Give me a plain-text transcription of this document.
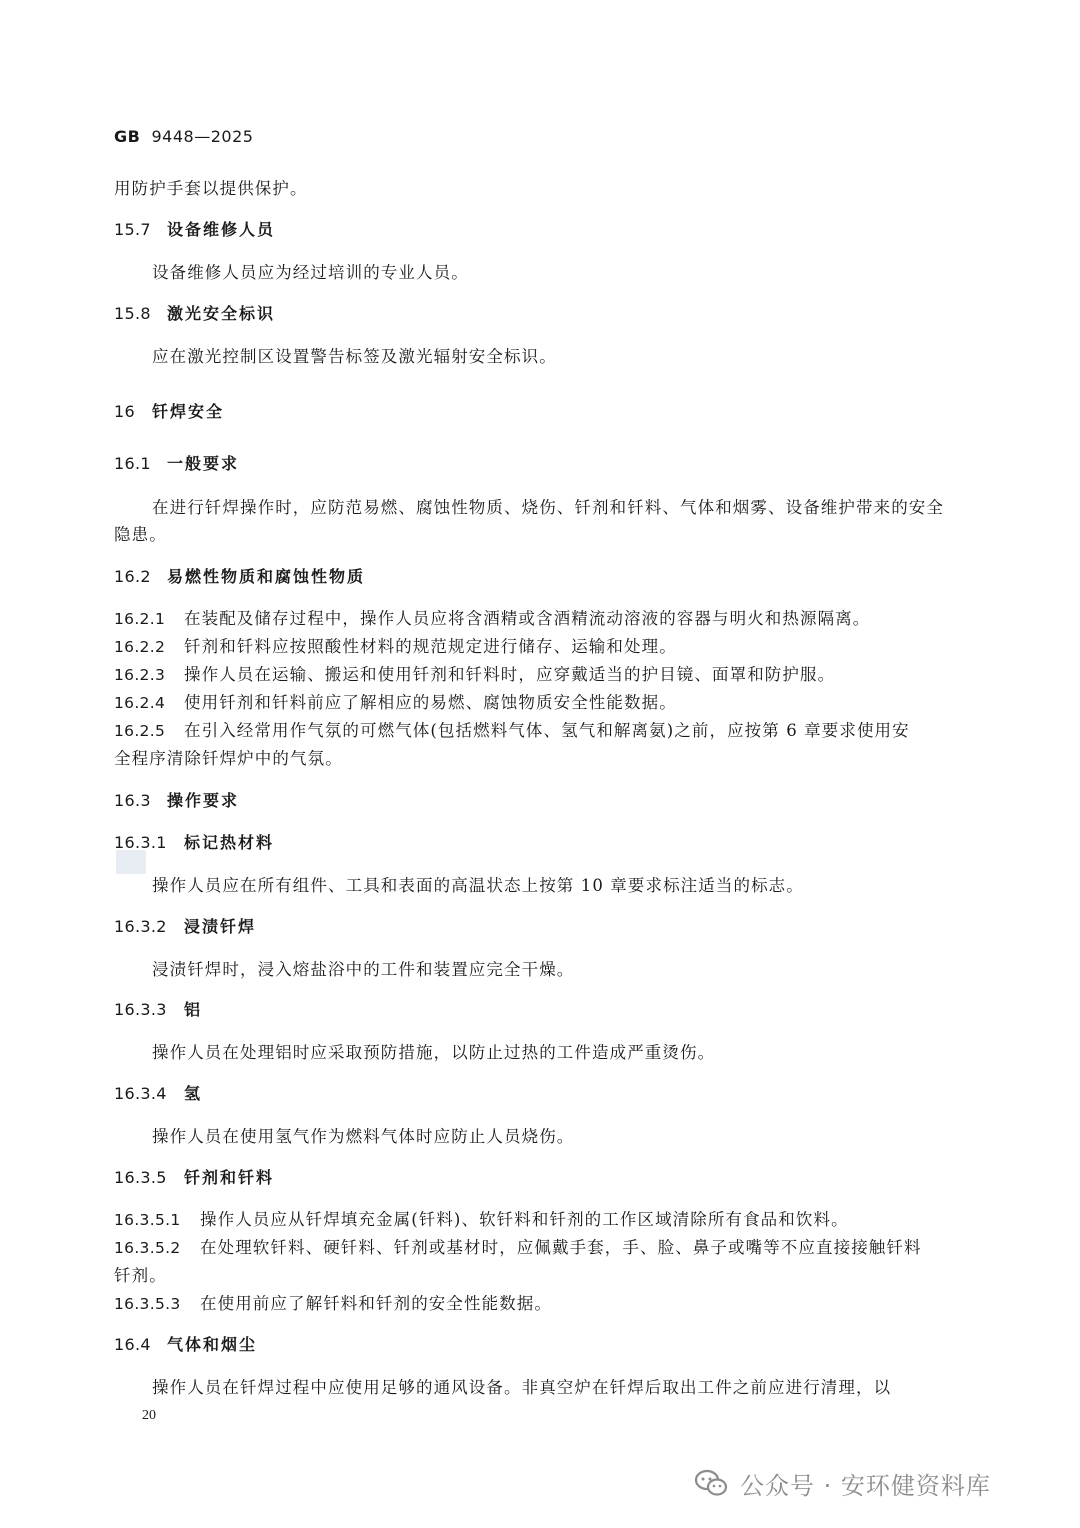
GB 9448—2025
用防护手套以提供保护。
15.7 设备维修人员
设备维修人员应为经过培训的专业人员。
15.8 激光安全标识
应在激光控制区设置警告标签及激光辐射安全标识。
16 钎焊安全
16.1 一般要求
在进行钎焊操作时，应防范易燃、腐蚀性物质、烧伤、钎剂和钎料、气体和烟雾、设备维护带来的安全
隐患。
16.2 易燃性物质和腐蚀性物质
16.2.1 在装配及储存过程中，操作人员应将含酒精或含酒精流动溶液的容器与明火和热源隔离。
16.2.2 钎剂和钎料应按照酸性材料的规范规定进行储存、运输和处理。
16.2.3 操作人员在运输、搬运和使用钎剂和钎料时，应穿戴适当的护目镜、面罩和防护服。
16.2.4 使用钎剂和钎料前应了解相应的易燃、腐蚀物质安全性能数据。
16.2.5 在引入经常用作气氛的可燃气体(包括燃料气体、氢气和解离氨)之前，应按第 6 章要求使用安
全程序清除钎焊炉中的气氛。
16.3 操作要求
16.3.1 标记热材料
操作人员应在所有组件、工具和表面的高温状态上按第 10 章要求标注适当的标志。
16.3.2 浸渍钎焊
浸渍钎焊时，浸入熔盐浴中的工件和装置应完全干燥。
16.3.3 铝
操作人员在处理铝时应采取预防措施，以防止过热的工件造成严重烫伤。
16.3.4 氢
操作人员在使用氢气作为燃料气体时应防止人员烧伤。
16.3.5 钎剂和钎料
16.3.5.1 操作人员应从钎焊填充金属(钎料)、软钎料和钎剂的工作区域清除所有食品和饮料。
16.3.5.2 在处理软钎料、硬钎料、钎剂或基材时，应佩戴手套，手、脸、鼻子或嘴等不应直接接触钎料
钎剂。
16.3.5.3 在使用前应了解钎料和钎剂的安全性能数据。
16.4 气体和烟尘
操作人员在钎焊过程中应使用足够的通风设备。非真空炉在钎焊后取出工件之前应进行清理，以
20
公众号 · 安环健资料库
